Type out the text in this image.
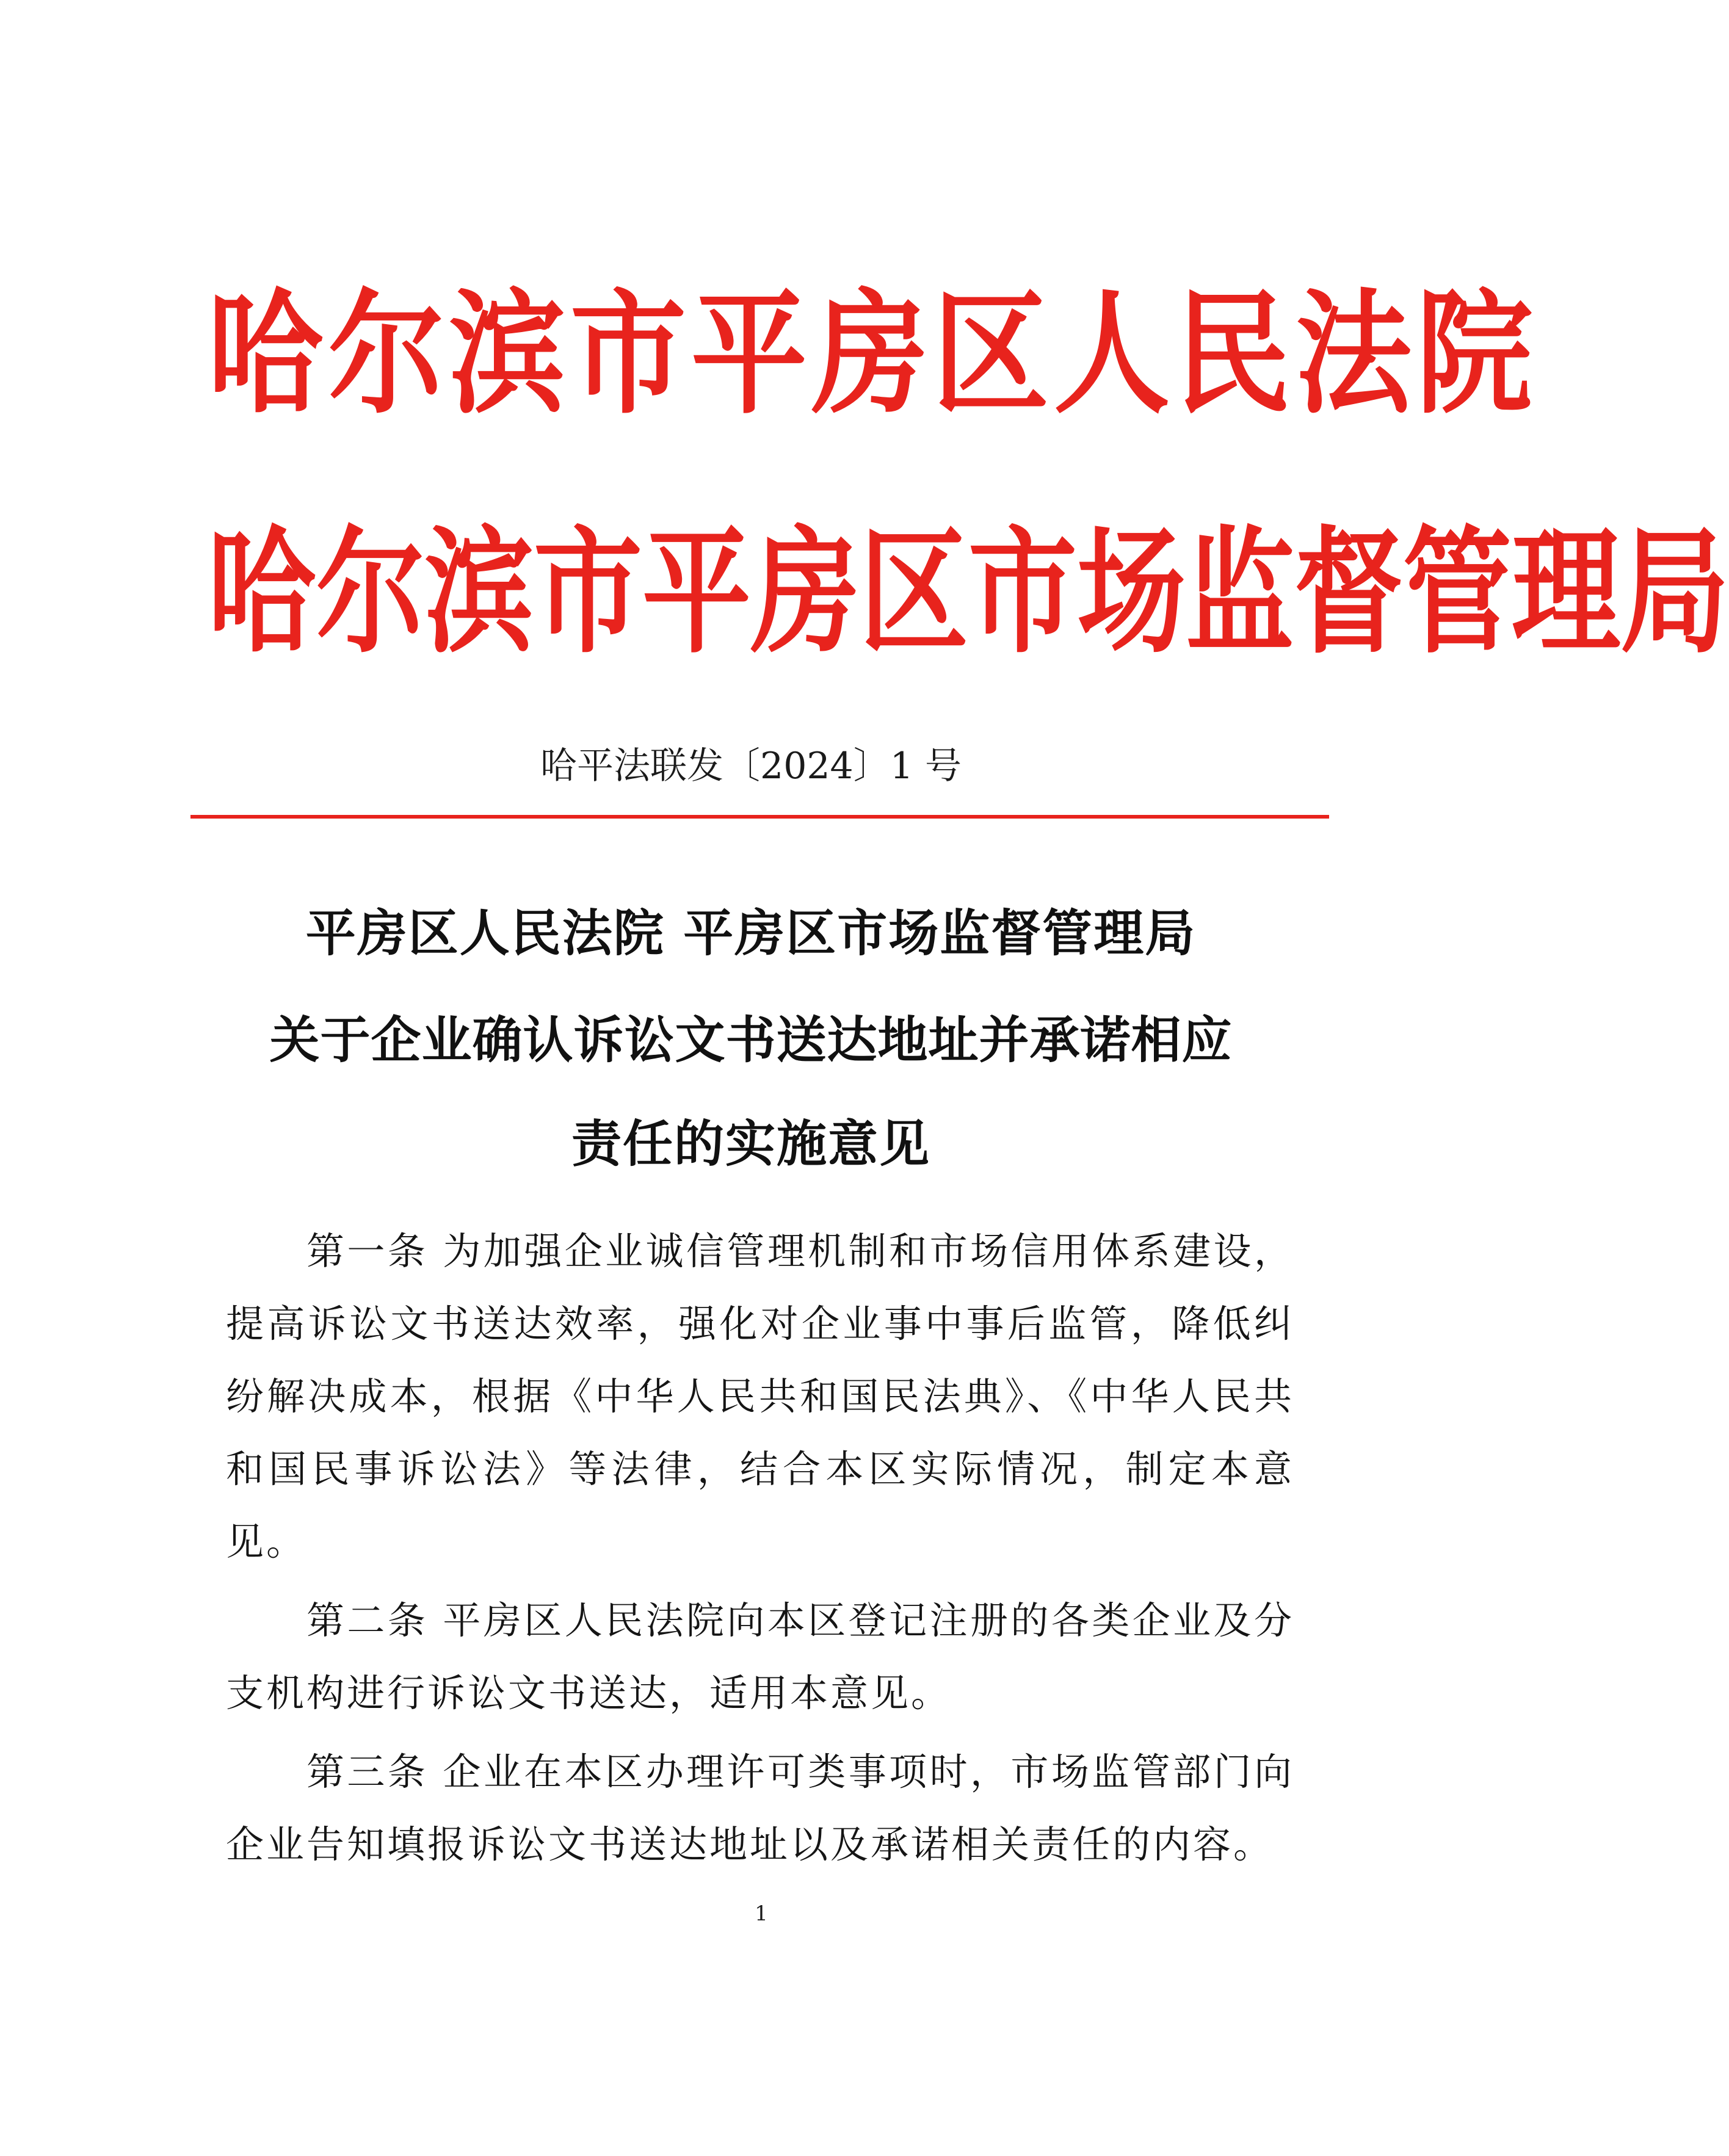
哈尔滨市平房区人民法院
哈尔滨市平房区市场监督管理局
哈平法联发〔2024〕1 号
平房区人民法院 平房区市场监督管理局
关于企业确认诉讼文书送达地址并承诺相应
责任的实施意见

第一条 为加强企业诚信管理机制和市场信用体系建设，提高诉讼文书送达效率，强化对企业事中事后监管，降低纠纷解决成本，根据《中华人民共和国民法典》、《中华人民共和国民事诉讼法》等法律，结合本区实际情况，制定本意见。

第二条 平房区人民法院向本区登记注册的各类企业及分支机构进行诉讼文书送达，适用本意见。

第三条 企业在本区办理许可类事项时，市场监管部门向企业告知填报诉讼文书送达地址以及承诺相关责任的内容。

1
